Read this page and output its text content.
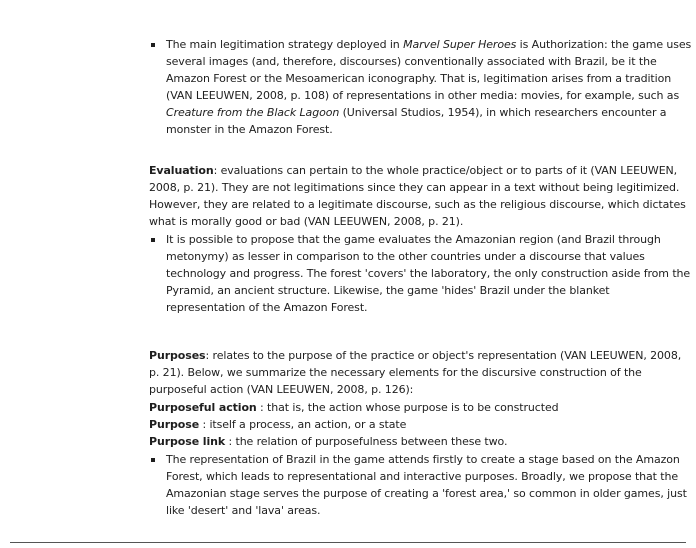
The main legitimation strategy deployed in Marvel Super Heroes is Authorization: the game uses
several images (and, therefore, discourses) conventionally associated with Brazil, be it the
Amazon Forest or the Mesoamerican iconography. That is, legitimation arises from a tradition
(VAN LEEUWEN, 2008, p. 108) of representations in other media: movies, for example, such as
Creature from the Black Lagoon (Universal Studios, 1954), in which researchers encounter a
monster in the Amazon Forest.
Evaluation: evaluations can pertain to the whole practice/object or to parts of it (VAN LEEUWEN,
2008, p. 21). They are not legitimations since they can appear in a text without being legitimized.
However, they are related to a legitimate discourse, such as the religious discourse, which dictates
what is morally good or bad (VAN LEEUWEN, 2008, p. 21).
It is possible to propose that the game evaluates the Amazonian region (and Brazil through
metonymy) as lesser in comparison to the other countries under a discourse that values
technology and progress. The forest 'covers' the laboratory, the only construction aside from the
Pyramid, an ancient structure. Likewise, the game 'hides' Brazil under the blanket
representation of the Amazon Forest.
Purposes: relates to the purpose of the practice or object's representation (VAN LEEUWEN, 2008,
p. 21). Below, we summarize the necessary elements for the discursive construction of the
purposeful action (VAN LEEUWEN, 2008, p. 126):
Purposeful action : that is, the action whose purpose is to be constructed
Purpose : itself a process, an action, or a state
Purpose link : the relation of purposefulness between these two.
The representation of Brazil in the game attends firstly to create a stage based on the Amazon
Forest, which leads to representational and interactive purposes. Broadly, we propose that the
Amazonian stage serves the purpose of creating a 'forest area,' so common in older games, just
like 'desert' and 'lava' areas.
